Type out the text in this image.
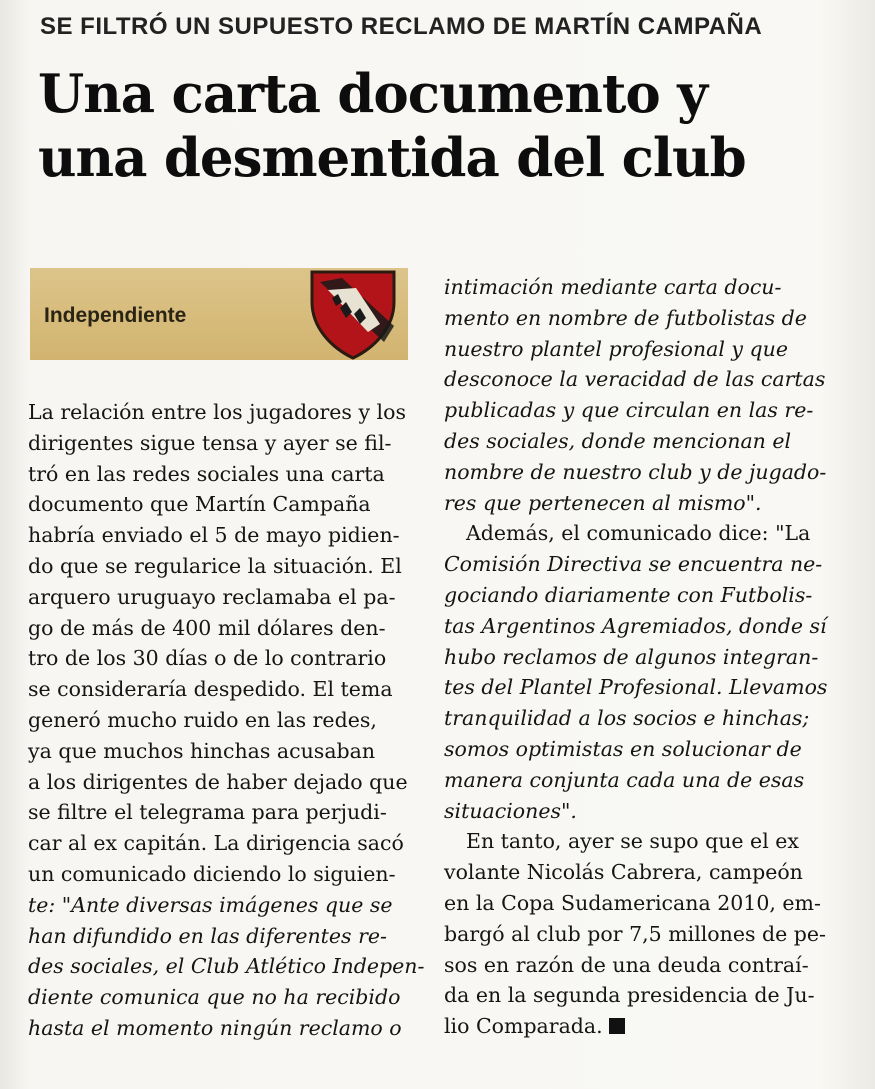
SE FILTRÓ UN SUPUESTO RECLAMO DE MARTÍN CAMPAÑA
Una carta documento y
una desmentida del club
Independiente

La relación entre los jugadores y los
dirigentes sigue tensa y ayer se fil-
tró en las redes sociales una carta
documento que Martín Campaña
habría enviado el 5 de mayo pidien-
do que se regularice la situación. El
arquero uruguayo reclamaba el pa-
go de más de 400 mil dólares den-
tro de los 30 días o de lo contrario
se consideraría despedido. El tema
generó mucho ruido en las redes,
ya que muchos hinchas acusaban
a los dirigentes de haber dejado que
se filtre el telegrama para perjudi-
car al ex capitán. La dirigencia sacó
un comunicado diciendo lo siguien-
te: "Ante diversas imágenes que se
han difundido en las diferentes re-
des sociales, el Club Atlético Indepen-
diente comunica que no ha recibido
hasta el momento ningún reclamo o

intimación mediante carta docu-
mento en nombre de futbolistas de
nuestro plantel profesional y que
desconoce la veracidad de las cartas
publicadas y que circulan en las re-
des sociales, donde mencionan el
nombre de nuestro club y de jugado-
res que pertenecen al mismo".

Además, el comunicado dice: "La
Comisión Directiva se encuentra ne-
gociando diariamente con Futbolis-
tas Argentinos Agremiados, donde sí
hubo reclamos de algunos integran-
tes del Plantel Profesional. Llevamos
tranquilidad a los socios e hinchas;
somos optimistas en solucionar de
manera conjunta cada una de esas
situaciones".

En tanto, ayer se supo que el ex
volante Nicolás Cabrera, campeón
en la Copa Sudamericana 2010, em-
bargó al club por 7,5 millones de pe-
sos en razón de una deuda contraí-
da en la segunda presidencia de Ju-
lio Comparada.
